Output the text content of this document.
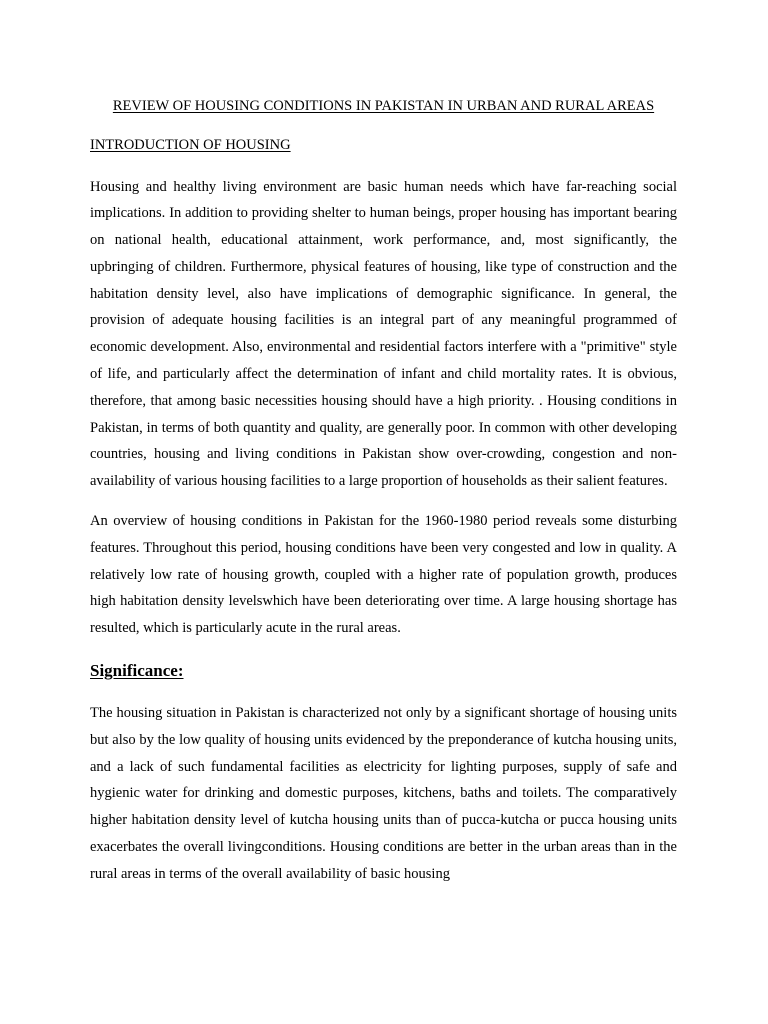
REVIEW OF HOUSING CONDITIONS IN PAKISTAN IN URBAN AND RURAL AREAS
INTRODUCTION OF HOUSING

Housing and healthy living environment are basic human needs which have far-reaching social implications. In addition to providing shelter to human beings, proper housing has important bearing on national health, educational attainment, work performance, and, most significantly, the upbringing of children. Furthermore, physical features of housing, like type of construction and the habitation density level, also have implications of demographic significance. In general, the provision of adequate housing facilities is an integral part of any meaningful programmed of economic development. Also, environmental and residential factors interfere with a "primitive" style of life, and particularly affect the determination of infant and child mortality rates. It is obvious, therefore, that among basic necessities housing should have a high priority. . Housing conditions in Pakistan, in terms of both quantity and quality, are generally poor. In common with other developing countries, housing and living conditions in Pakistan show over-crowding, congestion and non-availability of various housing facilities to a large proportion of households as their salient features.

An overview of housing conditions in Pakistan for the 1960-1980 period reveals some disturbing features. Throughout this period, housing conditions have been very congested and low in quality. A relatively low rate of housing growth, coupled with a higher rate of population growth, produces high habitation density levelswhich have been deteriorating over time. A large housing shortage has resulted, which is particularly acute in the rural areas.

Significance:

The housing situation in Pakistan is characterized not only by a significant shortage of housing units but also by the low quality of housing units evidenced by the preponderance of kutcha housing units, and a lack of such fundamental facilities as electricity for lighting purposes, supply of safe and hygienic water for drinking and domestic purposes, kitchens, baths and toilets. The comparatively higher habitation density level of kutcha housing units than of pucca-kutcha or pucca housing units exacerbates the overall livingconditions. Housing conditions are better in the urban areas than in the rural areas in terms of the overall availability of basic housing
